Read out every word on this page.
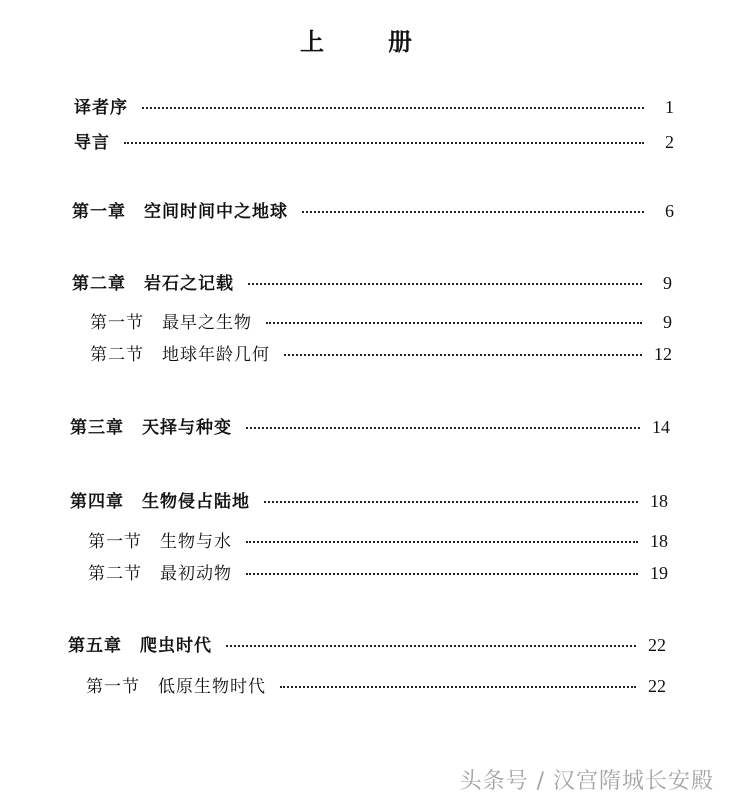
上　册
译者序	1
导言	2
第一章 空间时间中之地球	6
第二章 岩石之记载	9
第一节 最早之生物	9
第二节 地球年龄几何	12
第三章 天择与种变	14
第四章 生物侵占陆地	18
第一节 生物与水	18
第二节 最初动物	19
第五章 爬虫时代	22
第一节 低原生物时代	22
头条号 / 汉宫隋城长安殿
